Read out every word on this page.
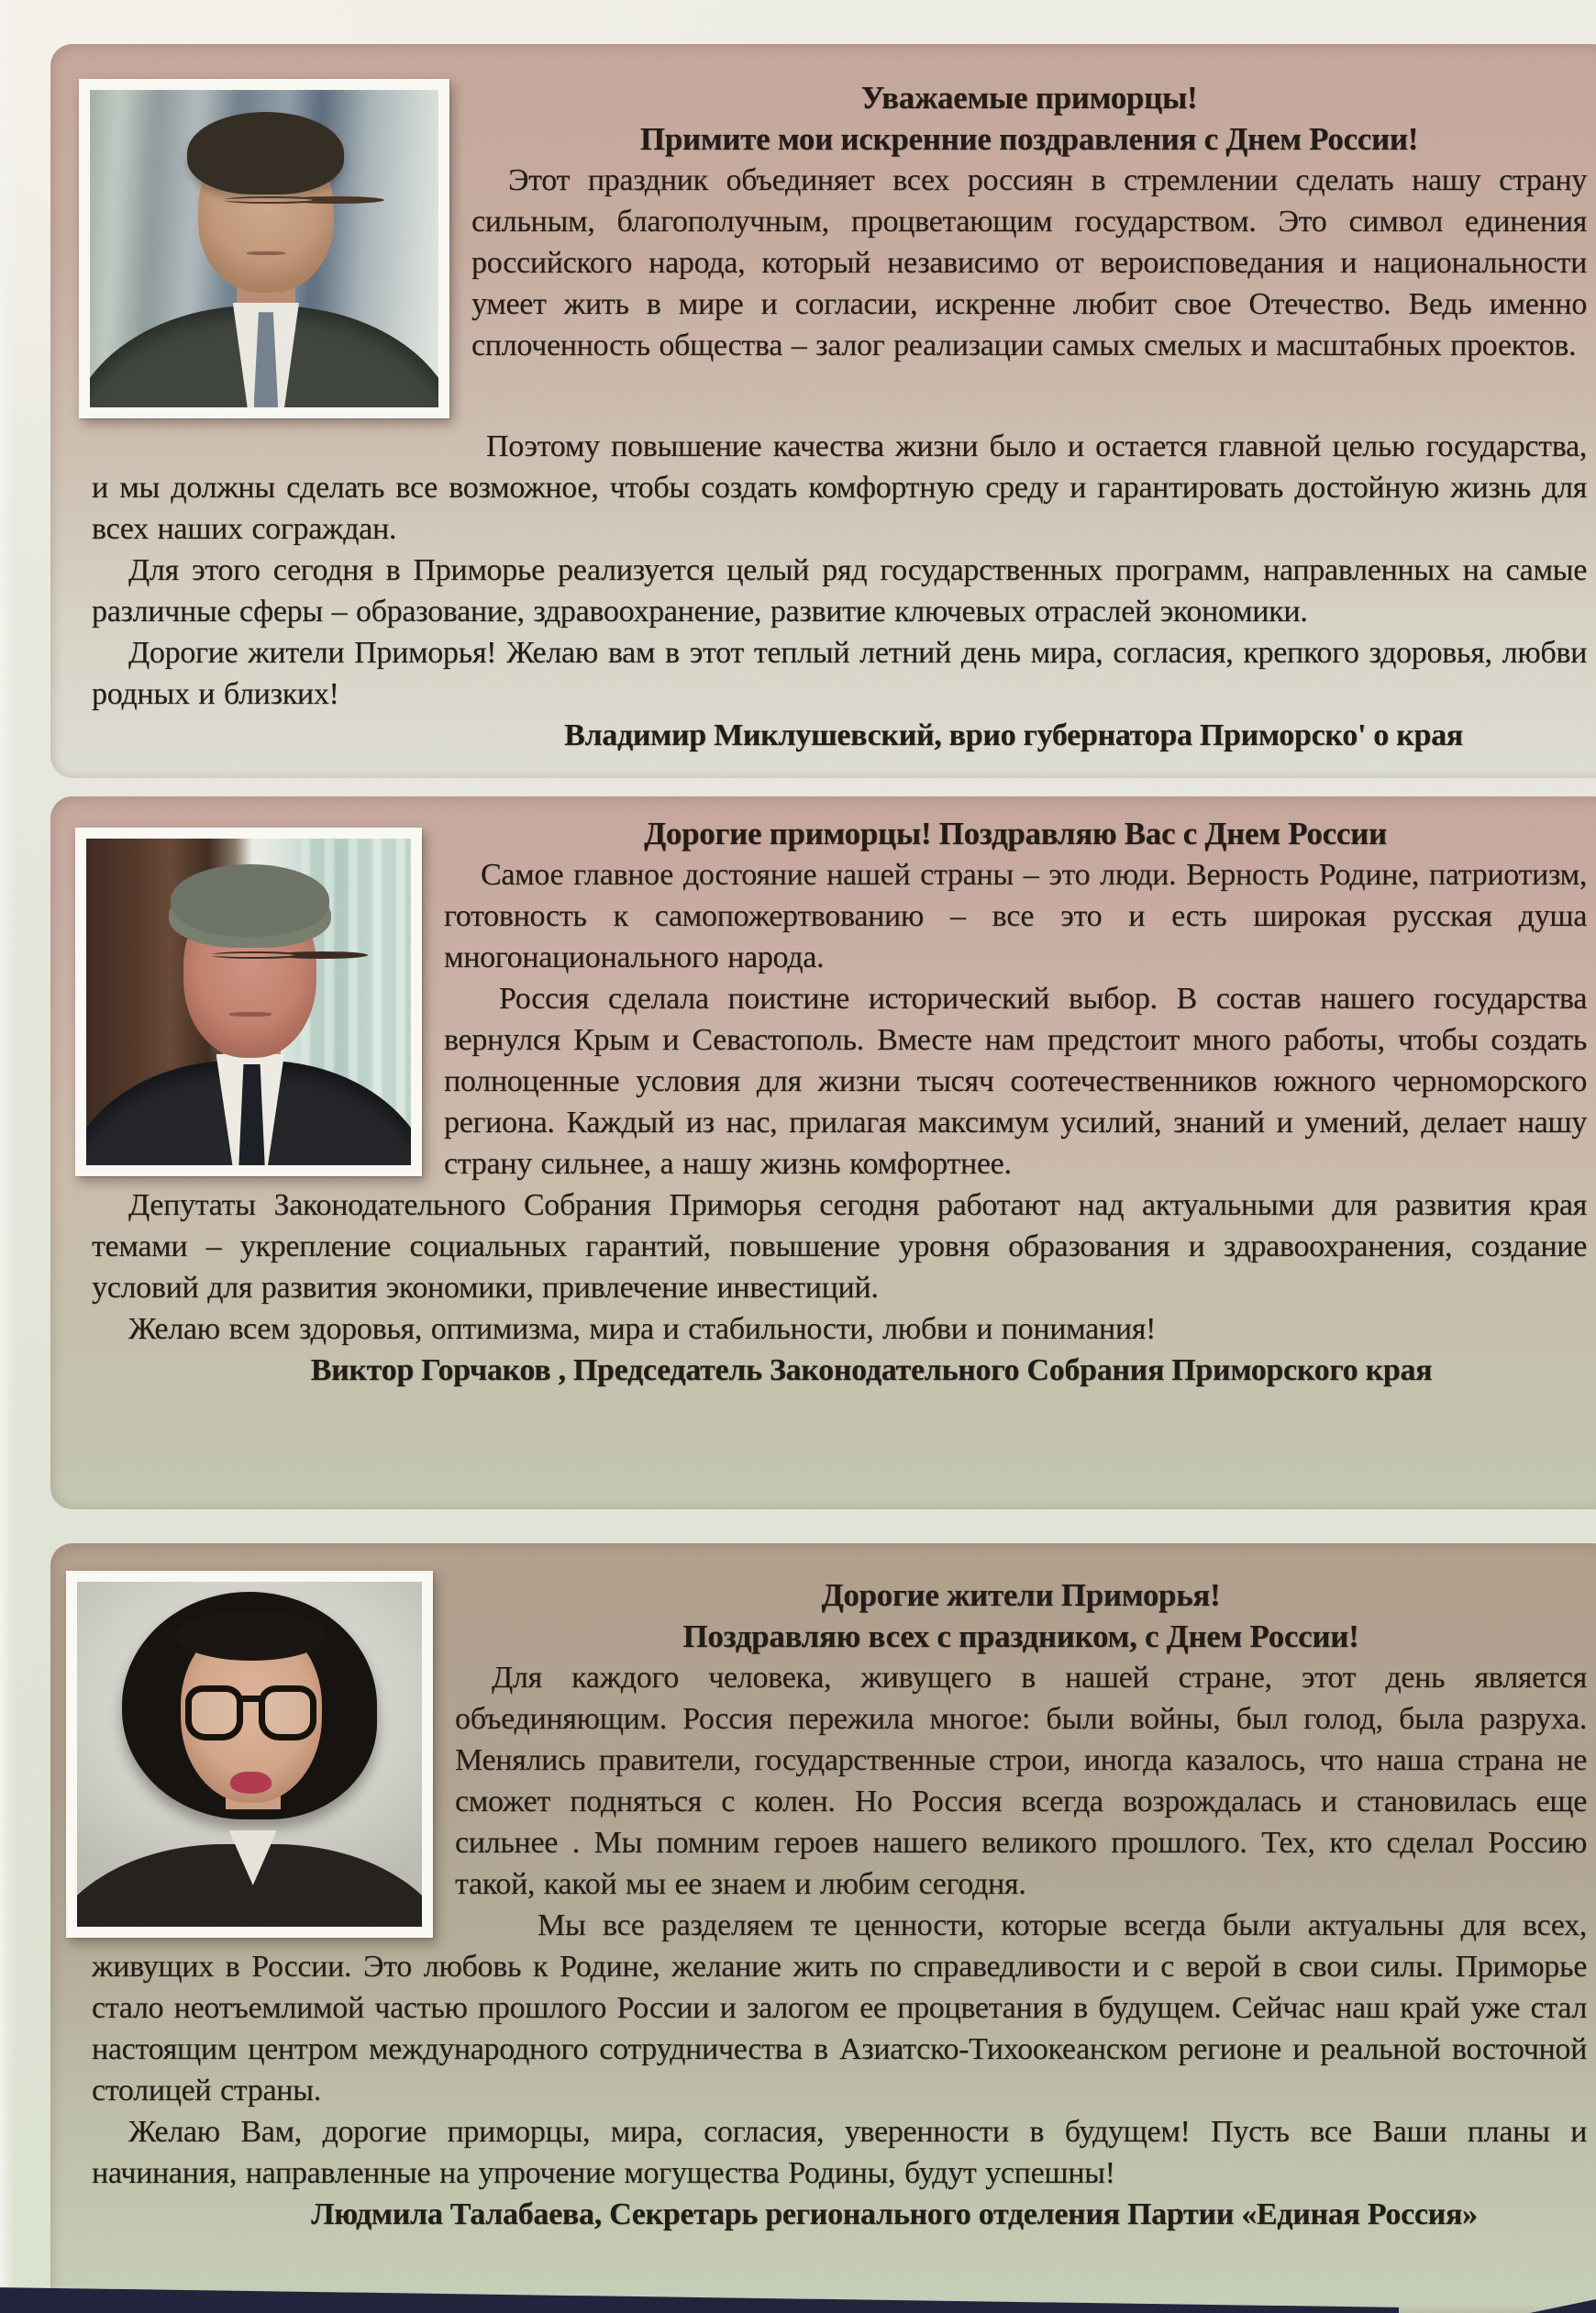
Уважаемые приморцы!
Примите мои искренние поздравления с Днем России!

Этот праздник объединяет всех россиян в стремлении сделать нашу страну сильным, благополучным, процветающим государством. Это символ единения российского народа, который независимо от вероисповедания и национальности умеет жить в мире и согласии, искренне любит свое Отечество. Ведь именно сплоченность общества – залог реализации самых смелых и масштабных проектов.

Поэтому повышение качества жизни было и остается главной целью государства, и мы должны сделать все возможное, чтобы создать комфортную среду и гарантировать достойную жизнь для всех наших сограждан.

Для этого сегодня в Приморье реализуется целый ряд государственных программ, направленных на самые различные сферы – образование, здравоохранение, развитие ключевых отраслей экономики.

Дорогие жители Приморья! Желаю вам в этот теплый летний день мира, согласия, крепкого здоровья, любви родных и близких!

Владимир Миклушевский, врио губернатора Приморско' о края
Дорогие приморцы! Поздравляю Вас с Днем России

Самое главное достояние нашей страны – это люди. Верность Родине, патриотизм, готовность к самопожертвованию – все это и есть широкая русская душа многонационального народа.

Россия сделала поистине исторический выбор. В состав нашего государства вернулся Крым и Севастополь. Вместе нам предстоит много работы, чтобы создать полноценные условия для жизни тысяч соотечественников южного черноморского региона. Каждый из нас, прилагая максимум усилий, знаний и умений, делает нашу страну сильнее, а нашу жизнь комфортнее.

Депутаты Законодательного Собрания Приморья сегодня работают над актуальными для развития края темами – укрепление социальных гарантий, повышение уровня образования и здравоохранения, создание условий для развития экономики, привлечение инвестиций.

Желаю всем здоровья, оптимизма, мира и стабильности, любви и понимания!

Виктор Горчаков , Председатель Законодательного Собрания Приморского края
Дорогие жители Приморья!
Поздравляю всех с праздником, с Днем России!

Для каждого человека, живущего в нашей стране, этот день является объединяющим. Россия пережила многое: были войны, был голод, была разруха. Менялись правители, государственные строи, иногда казалось, что наша страна не сможет подняться с колен. Но Россия всегда возрождалась и становилась еще сильнее . Мы помним героев нашего великого прошлого. Тех, кто сделал Россию такой, какой мы ее знаем и любим сегодня.

Мы все разделяем те ценности, которые всегда были актуальны для всех, живущих в России. Это любовь к Родине, желание жить по справедливости и с верой в свои силы. Приморье стало неотъемлимой частью прошлого России и залогом ее процветания в будущем. Сейчас наш край уже стал настоящим центром международного сотрудничества в Азиатско-Тихоокеанском регионе и реальной восточной столицей страны.

Желаю Вам, дорогие приморцы, мира, согласия, уверенности в будущем! Пусть все Ваши планы и начинания, направленные на упрочение могущества Родины, будут успешны!

Людмила Талабаева, Секретарь регионального отделения Партии «Единая Россия»
